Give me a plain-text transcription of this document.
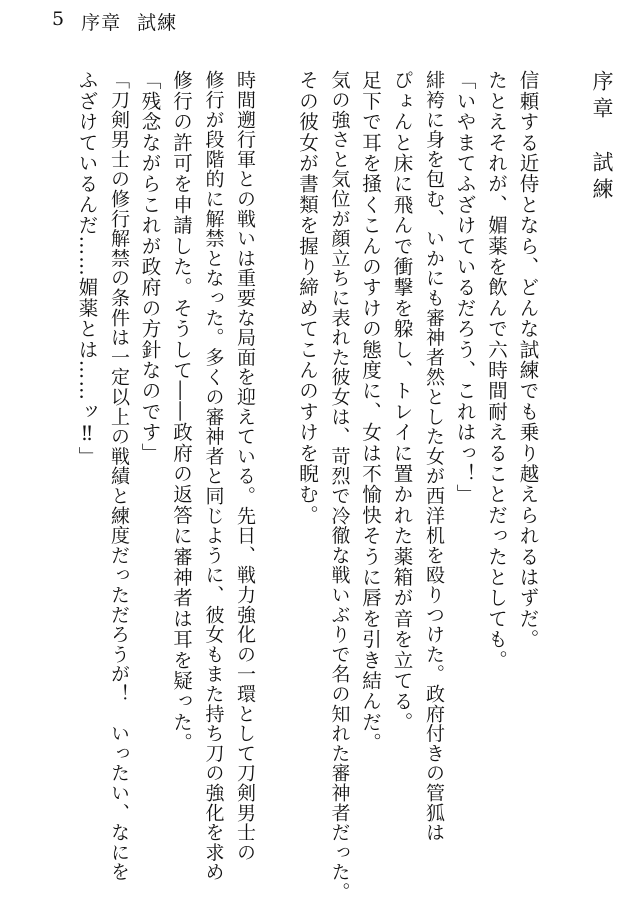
5 序章 試練
序章　試練
信頼する近侍となら、どんな試練でも乗り越えられるはずだ。
たとえそれが、媚薬を飲んで六時間耐えることだったとしても。
「いやまてふざけているだろう、これはっ！」
緋袴に身を包む、いかにも審神者然とした女が西洋机を殴りつけた。政府付きの管狐は
ぴょんと床に飛んで衝撃を躱し、トレイに置かれた薬箱が音を立てる。
足下で耳を掻くこんのすけの態度に、女は不愉快そうに唇を引き結んだ。
気の強さと気位が顔立ちに表れた彼女は、苛烈で冷徹な戦いぶりで名の知れた審神者だった。
その彼女が書類を握り締めてこんのすけを睨む。
時間遡行軍との戦いは重要な局面を迎えている。先日、戦力強化の一環として刀剣男士の
修行が段階的に解禁となった。多くの審神者と同じように、彼女もまた持ち刀の強化を求め
修行の許可を申請した。そうして――政府の返答に審神者は耳を疑った。
「残念ながらこれが政府の方針なのです」
「刀剣男士の修行解禁の条件は一定以上の戦績と練度だっただろうが！　いったい、なにを
ふざけているんだ……媚薬とは……ッ‼」
